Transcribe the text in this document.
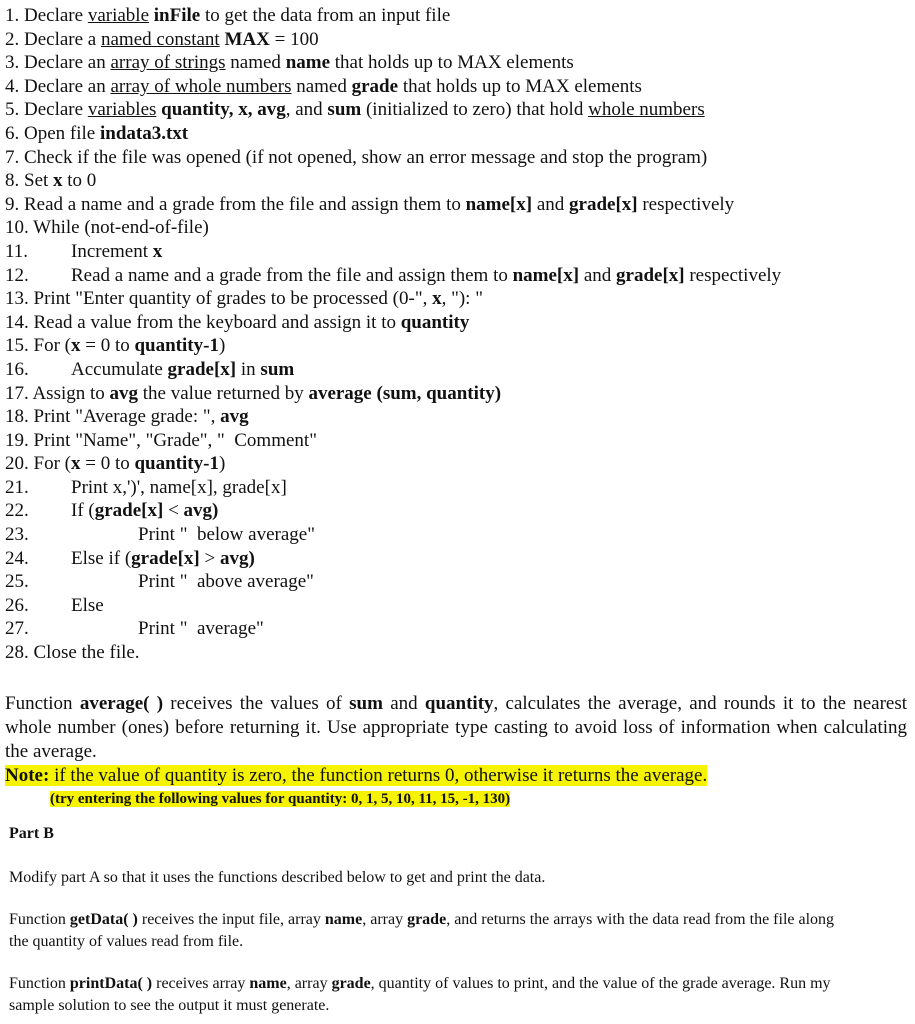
1. Declare variable inFile to get the data from an input file
2. Declare a named constant MAX = 100
3. Declare an array of strings named name that holds up to MAX elements
4. Declare an array of whole numbers named grade that holds up to MAX elements
5. Declare variables quantity, x, avg, and sum (initialized to zero) that hold whole numbers
6. Open file indata3.txt
7. Check if the file was opened (if not opened, show an error message and stop the program)
8. Set x to 0
9. Read a name and a grade from the file and assign them to name[x] and grade[x] respectively
10. While (not-end-of-file)
11. Increment x
12. Read a name and a grade from the file and assign them to name[x] and grade[x] respectively
13. Print "Enter quantity of grades to be processed (0-", x, "): "
14. Read a value from the keyboard and assign it to quantity
15. For (x = 0 to quantity-1)
16. Accumulate grade[x] in sum
17. Assign to avg the value returned by average (sum, quantity)
18. Print "Average grade: ", avg
19. Print "Name", "Grade", "  Comment"
20. For (x = 0 to quantity-1)
21. Print x,')', name[x], grade[x]
22. If (grade[x] < avg)
23.	Print "  below average"
24. Else if (grade[x] > avg)
25.	Print "  above average"
26. Else
27.	Print "  average"
28. Close the file.
Function average( ) receives the values of sum and quantity, calculates the average, and rounds it to the nearest whole number (ones) before returning it. Use appropriate type casting to avoid loss of information when calculating the average.
Note: if the value of quantity is zero, the function returns 0, otherwise it returns the average.
(try entering the following values for quantity: 0, 1, 5, 10, 11, 15, -1, 130)
Part B
Modify part A so that it uses the functions described below to get and print the data.
Function getData( ) receives the input file, array name, array grade, and returns the arrays with the data read from the file along the quantity of values read from file.
Function printData( ) receives array name, array grade, quantity of values to print, and the value of the grade average. Run my sample solution to see the output it must generate.
